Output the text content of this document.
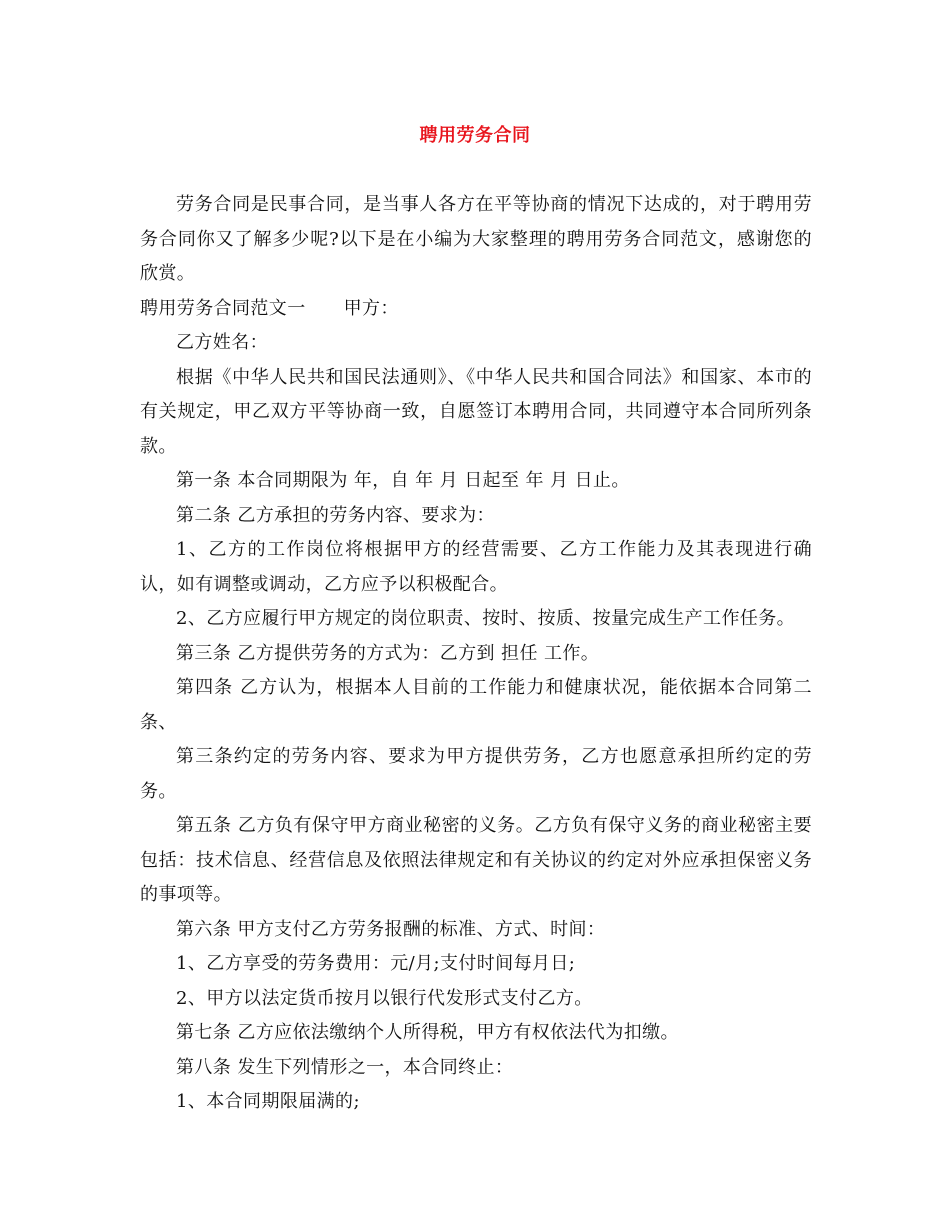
聘用劳务合同

劳务合同是民事合同，是当事人各方在平等协商的情况下达成的，对于聘用劳务合同你又了解多少呢?以下是在小编为大家整理的聘用劳务合同范文，感谢您的欣赏。

聘用劳务合同范文一 甲方：

乙方姓名：

根据《中华人民共和国民法通则》、《中华人民共和国合同法》和国家、本市的有关规定，甲乙双方平等协商一致，自愿签订本聘用合同，共同遵守本合同所列条款。

第一条 本合同期限为 年，自 年 月 日起至 年 月 日止。

第二条 乙方承担的劳务内容、要求为：

1、乙方的工作岗位将根据甲方的经营需要、乙方工作能力及其表现进行确认，如有调整或调动，乙方应予以积极配合。

2、乙方应履行甲方规定的岗位职责、按时、按质、按量完成生产工作任务。

第三条 乙方提供劳务的方式为：乙方到 担任 工作。

第四条 乙方认为，根据本人目前的工作能力和健康状况，能依据本合同第二条、

第三条约定的劳务内容、要求为甲方提供劳务，乙方也愿意承担所约定的劳务。

第五条 乙方负有保守甲方商业秘密的义务。乙方负有保守义务的商业秘密主要包括：技术信息、经营信息及依照法律规定和有关协议的约定对外应承担保密义务的事项等。

第六条 甲方支付乙方劳务报酬的标准、方式、时间：

1、乙方享受的劳务费用：元/月;支付时间每月日;

2、甲方以法定货币按月以银行代发形式支付乙方。

第七条 乙方应依法缴纳个人所得税，甲方有权依法代为扣缴。

第八条 发生下列情形之一，本合同终止：

1、本合同期限届满的;
